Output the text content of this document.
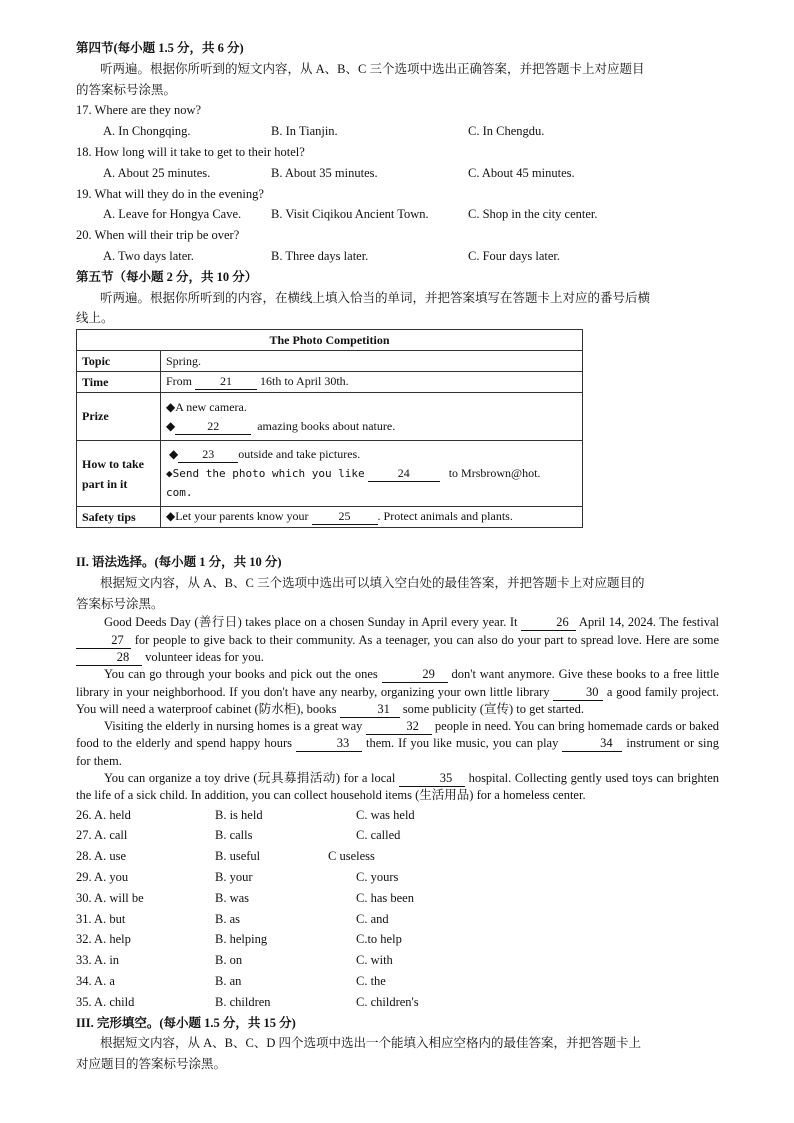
第四节(每小题 1.5 分，共 6 分)
听两遍。根据你所听到的短文内容，从 A、B、C 三个选项中选出正确答案，并把答题卡上对应题目
的答案标号涂黑。
17. Where are they now?
A. In Chongqing.	B. In Tianjin.	C. In Chengdu.
18. How long will it take to get to their hotel?
A. About 25 minutes.	B. About 35 minutes.	C. About 45 minutes.
19. What will they do in the evening?
A. Leave for Hongya Cave. B. Visit Ciqikou Ancient Town.	C. Shop in the city center.
20. When will their trip be over?
A. Two days later.	B. Three days later.	C. Four days later.
第五节（每小题 2 分，共 10 分）
听两遍。根据你所听到的内容，在横线上填入恰当的单词，并把答案填写在答题卡上对应的番号后横
线上。
The Photo Competition	
Topic	Spring.
Time	From 21 16th to April 30th.
Prize	◆A new camera.
◆ 22 amazing books about nature.

How to take part in it	◆ 23 outside and take pictures.
◆Send the photo which you like 24 to Mrsbrown@hot.
com.

Safety tips	◆Let your parents know your 25 . Protect animals and plants.
II. 语法选择。(每小题 1 分，共 10 分)
根据短文内容，从 A、B、C 三个选项中选出可以填入空白处的最佳答案，并把答题卡上对应题目的
答案标号涂黑。

Good Deeds Day (善行日) takes place on a chosen Sunday in April every year. It	26 April 14, 2024. The festival 27 for people to give back to their community. As a teenager, you can also do your part to spread love. Here are some 28 volunteer ideas for you.

You can go through your books and pick out the ones	29 don't want anymore. Give these books to a free little library in your neighborhood. If you don't have any nearby, organizing your own little library	30 a good family project. You will need a waterproof cabinet (防水柜), books	31 some publicity (宣传) to get started.

Visiting the elderly in nursing homes is a great way	32 people in need. You can bring homemade cards or baked food to the elderly and spend happy hours	33 them. If you like music, you can play	34 instrument or sing for them.

You can organize a toy drive (玩具募捐活动) for a local	35 hospital. Collecting gently used toys can brighten the life of a sick child. In addition, you can collect household items (生活用品) for a homeless center.

26. A. held	B. is held	C. was held
27. A. call	B. calls	C. called
28. A. use	B. useful	C useless
29. A. you	B. your	C. yours
30. A. will be	B. was	C. has been
31. A. but	B. as	C. and
32. A. help	B. helping	C.to help
33. A. in	B. on	C. with
34. A. a	B. an	C. the
35. A. child	B. children	C. children's
III. 完形填空。(每小题 1.5 分，共 15 分)
根据短文内容，从 A、B、C、D 四个选项中选出一个能填入相应空格内的最佳答案，并把答题卡上
对应题目的答案标号涂黑。
